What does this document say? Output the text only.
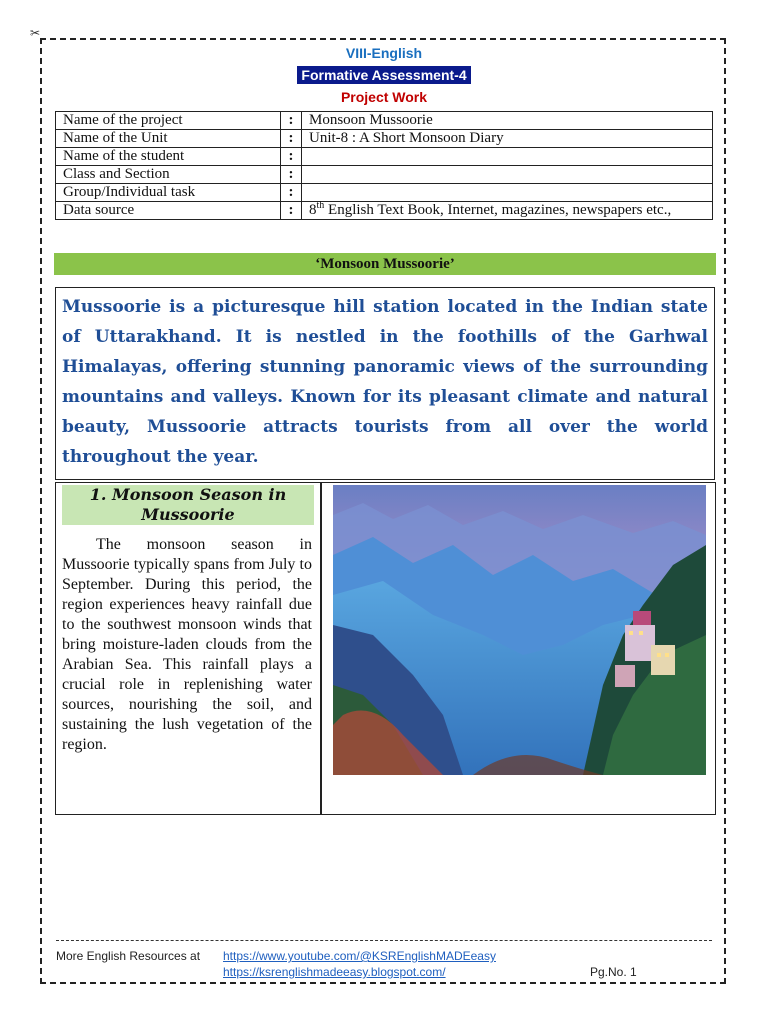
✂
VIII-English
Formative Assessment-4
Project Work
Name of the project	:	Monsoon Mussoorie
Name of the Unit	:	Unit-8 : A Short Monsoon Diary
Name of the student	:	
Class and Section	:	
Group/Individual task	:	
Data source	:	8th English Text Book, Internet, magazines, newspapers etc.,
‘Monsoon Mussoorie’
Mussoorie is a picturesque hill station located in the Indian state of Uttarakhand. It is nestled in the foothills of the Garhwal Himalayas, offering stunning panoramic views of the surrounding mountains and valleys. Known for its pleasant climate and natural beauty, Mussoorie attracts tourists from all over the world throughout the year.
1. Monsoon Season in Mussoorie
The monsoon season in Mussoorie typically spans from July to September. During this period, the region experiences heavy rainfall due to the southwest monsoon winds that bring moisture-laden clouds from the Arabian Sea. This rainfall plays a crucial role in replenishing water sources, nourishing the soil, and sustaining the lush vegetation of the region.
More English Resources at https://www.youtube.com/@KSREnglishMADEeasy
https://ksrenglishmadeeasy.blogspot.com/	Pg.No. 1
